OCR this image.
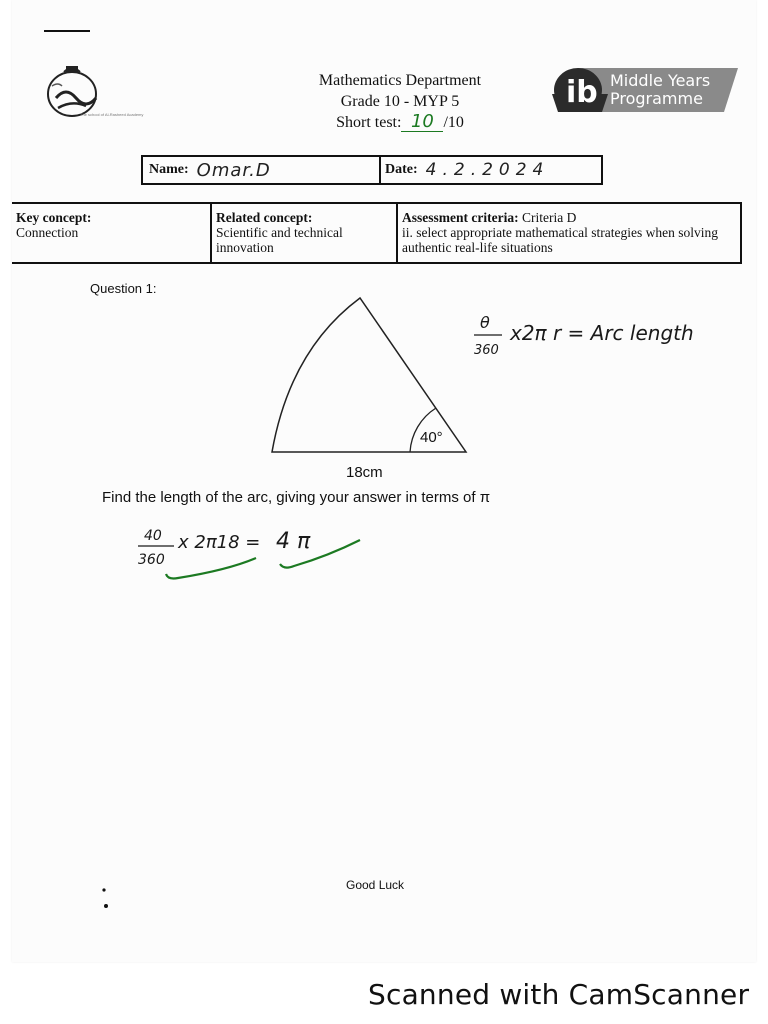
The school of Al-Rasheed Academy
Mathematics Department
Grade 10 - MYP 5
Short test: 10 /10
ib Middle Years
Programme
Name: Omar.D	Date: 4.2.2024
Key concept:
Connection
Related concept:
Scientific and technical innovation
Assessment criteria: Criteria D
ii. select appropriate mathematical strategies when solving authentic real-life situations
Question 1:
40°
18cm
θ
360
x2π r = Arc length
Find the length of the arc, giving your answer in terms of π
40
360
x 2π18 = 4 π
Good Luck
Scanned with CamScanner
